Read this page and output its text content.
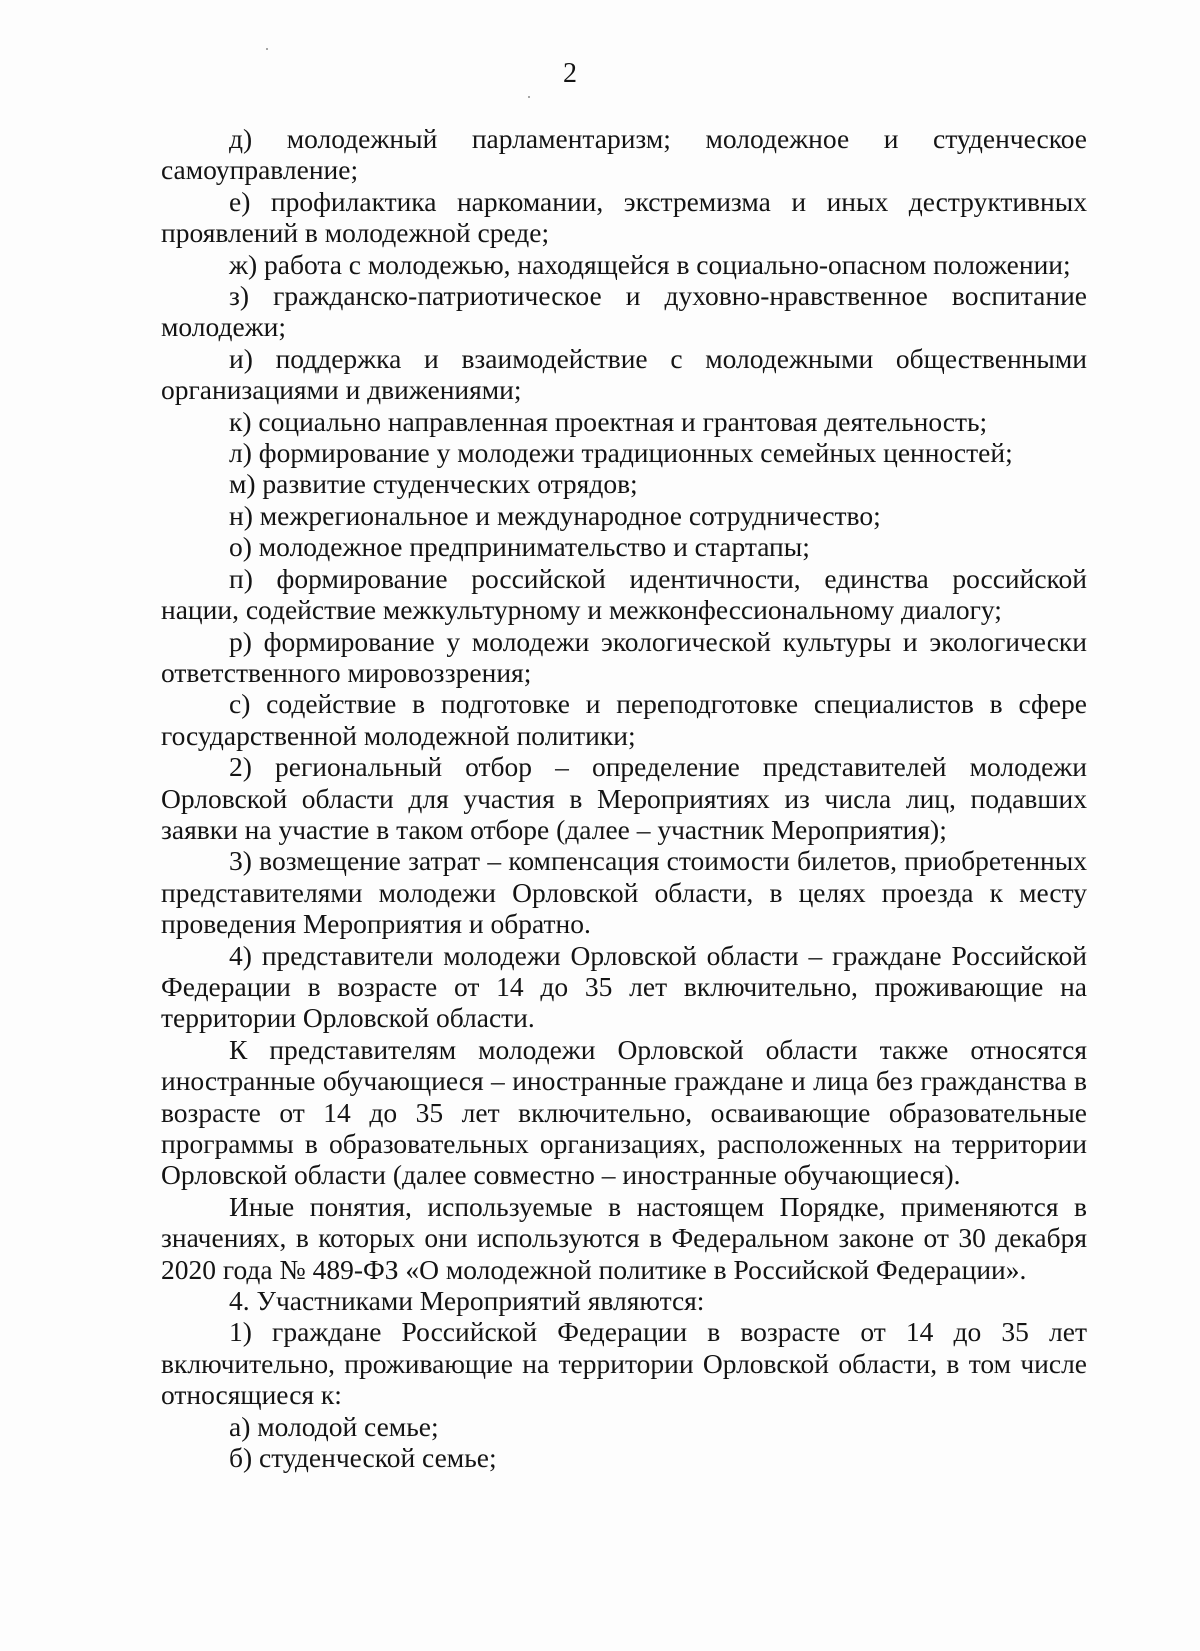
2

д) молодежный парламентаризм; молодежное и студенческое самоуправление;

е) профилактика наркомании, экстремизма и иных деструктивных проявлений в молодежной среде;

ж) работа с молодежью, находящейся в социально-опасном положении;

з) гражданско-патриотическое и духовно-нравственное воспитание молодежи;

и) поддержка и взаимодействие с молодежными общественными организациями и движениями;

к) социально направленная проектная и грантовая деятельность;

л) формирование у молодежи традиционных семейных ценностей;

м) развитие студенческих отрядов;

н) межрегиональное и международное сотрудничество;

о) молодежное предпринимательство и стартапы;

п) формирование российской идентичности, единства российской нации, содействие межкультурному и межконфессиональному диалогу;

р) формирование у молодежи экологической культуры и экологически ответственного мировоззрения;

с) содействие в подготовке и переподготовке специалистов в сфере государственной молодежной политики;

2) региональный отбор – определение представителей молодежи Орловской области для участия в Мероприятиях из числа лиц, подавших заявки на участие в таком отборе (далее – участник Мероприятия);

3) возмещение затрат – компенсация стоимости билетов, приобретенных представителями молодежи Орловской области, в целях проезда к месту проведения Мероприятия и обратно.

4) представители молодежи Орловской области – граждане Российской Федерации в возрасте от 14 до 35 лет включительно, проживающие на территории Орловской области.

К представителям молодежи Орловской области также относятся иностранные обучающиеся – иностранные граждане и лица без гражданства в возрасте от 14 до 35 лет включительно, осваивающие образовательные программы в образовательных организациях, расположенных на территории Орловской области (далее совместно – иностранные обучающиеся).

Иные понятия, используемые в настоящем Порядке, применяются в значениях, в которых они используются в Федеральном законе от 30 декабря 2020 года № 489-ФЗ «О молодежной политике в Российской Федерации».

4. Участниками Мероприятий являются:

1) граждане Российской Федерации в возрасте от 14 до 35 лет включительно, проживающие на территории Орловской области, в том числе относящиеся к:

а) молодой семье;

б) студенческой семье;
